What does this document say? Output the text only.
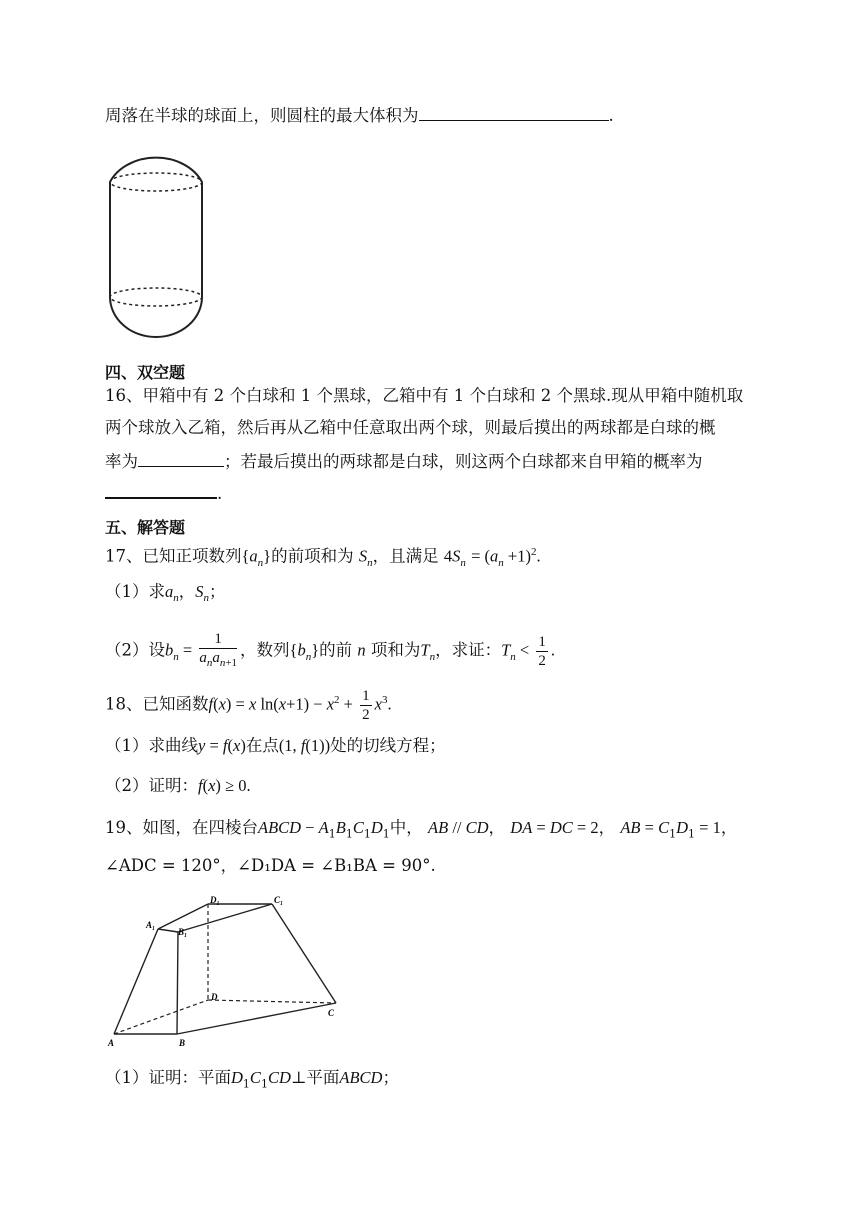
周落在半球的球面上，则圆柱的最大体积为	.
四、双空题
16、甲箱中有 2 个白球和 1 个黑球，乙箱中有 1 个白球和 2 个黑球.现从甲箱中随机取
两个球放入乙箱，然后再从乙箱中任意取出两个球，则最后摸出的两球都是白球的概
率为	；若最后摸出的两球都是白球，则这两个白球都来自甲箱的概率为
.
五、解答题
17、已知正项数列$\{a_n\}$的前项和为 $S_n$，且满足 $4S_n = (a_n +1)^2$.
（1）求$a_n$，$S_n$；
（2）设$b_n = \frac{1}{a_na_{n+1}}$ ，数列$\{b_n\}$的前 n 项和为$T_n$，求证：$T_n < \frac{1}{2}$ .
18、已知函数f(x) = x $\ln(x+1) - x^2 + \frac{1}{2} x^3$.
（1）求曲线y = f(x)在点(1, f(1))处的切线方程；
（2）证明：f(x) ≥ 0.
19、如图，在四棱台ABCD − $A_1B_1C_1D_1$中， AB // CD， DA = DC = 2， AB = $C_1D_1 = 1$，
∠ADC = 120°，∠D₁DA = ∠B₁BA = 90°.
D₁	C₁
A₁
B₁
D
C
A	B
（1）证明：平面$D_1C_1CD\perp$平面ABCD；
